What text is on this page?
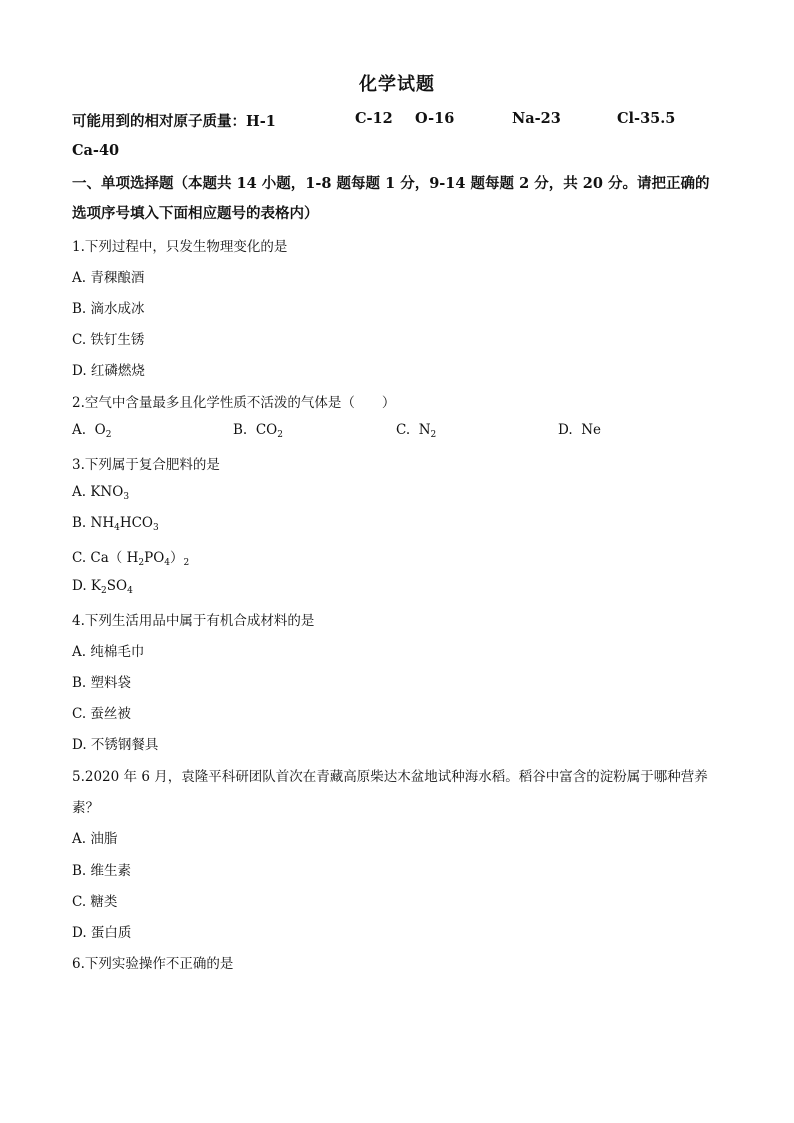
化学试题
可能用到的相对原子质量：H-1	C-12 O-16	Na-23	Cl-35.5
Ca-40
一、单项选择题（本题共 14 小题，1-8 题每题 1 分，9-14 题每题 2 分，共 20 分。请把正确的
选项序号填入下面相应题号的表格内）
1.下列过程中，只发生物理变化的是
A. 青稞酿酒
B. 滴水成冰
C. 铁钉生锈
D. 红磷燃烧
2.空气中含量最多且化学性质不活泼的气体是（　　）
A. $O_2$	B. $CO_2$	C. $N_2$	D. Ne
3.下列属于复合肥料的是
A. $KNO_3$
B. $NH_4HCO_3$
C. Ca（ $H_2PO_4)_2$
D. $K_2SO_4$
4.下列生活用品中属于有机合成材料的是
A. 纯棉毛巾
B. 塑料袋
C. 蚕丝被
D. 不锈钢餐具
5.2020 年 6 月，袁隆平科研团队首次在青藏高原柴达木盆地试种海水稻。稻谷中富含的淀粉属于哪种营养
素？
A. 油脂
B. 维生素
C. 糖类
D. 蛋白质
6.下列实验操作不正确的是
